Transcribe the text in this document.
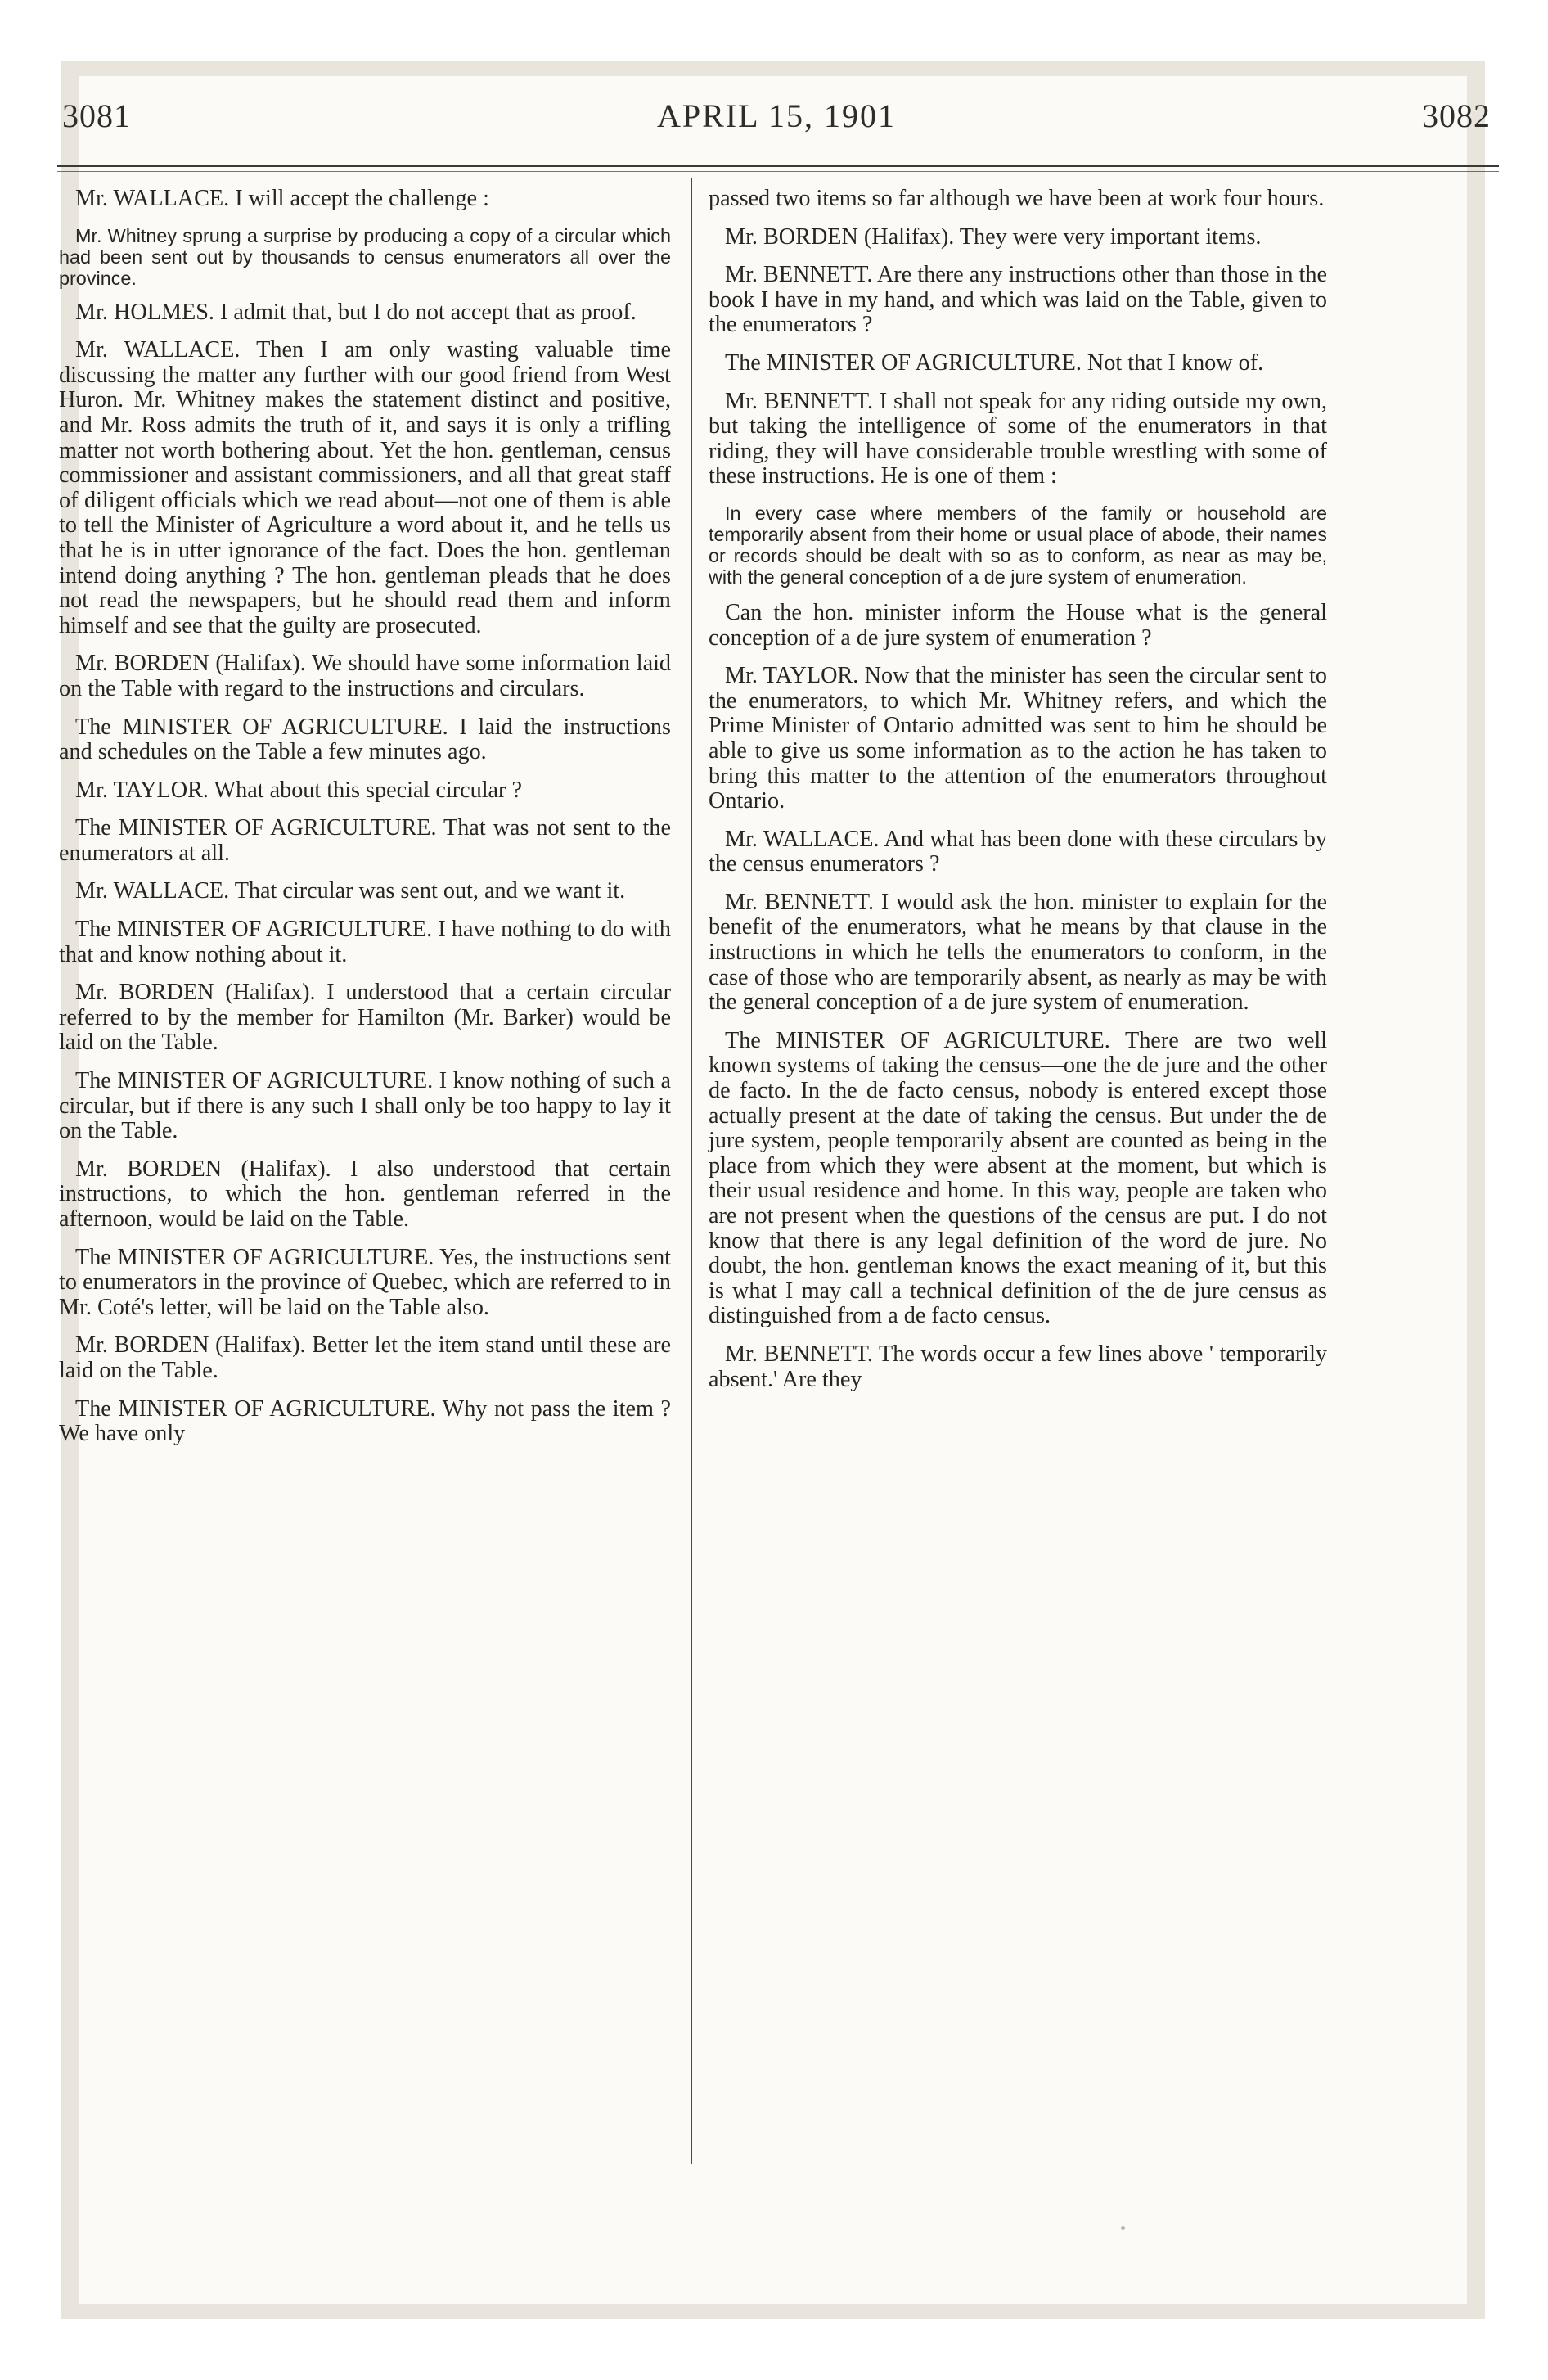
3081	APRIL 15, 1901	3082

Mr. WALLACE. I will accept the challenge :

Mr. Whitney sprung a surprise by producing a copy of a circular which had been sent out by thousands to census enumerators all over the province.

Mr. HOLMES. I admit that, but I do not accept that as proof.

Mr. WALLACE. Then I am only wasting valuable time discussing the matter any further with our good friend from West Huron. Mr. Whitney makes the statement distinct and positive, and Mr. Ross admits the truth of it, and says it is only a trifling matter not worth bothering about. Yet the hon. gentleman, census commissioner and assistant commissioners, and all that great staff of diligent officials which we read about—not one of them is able to tell the Minister of Agriculture a word about it, and he tells us that he is in utter ignorance of the fact. Does the hon. gentleman intend doing anything ? The hon. gentleman pleads that he does not read the newspapers, but he should read them and inform himself and see that the guilty are prosecuted.

Mr. BORDEN (Halifax). We should have some information laid on the Table with regard to the instructions and circulars.

The MINISTER OF AGRICULTURE. I laid the instructions and schedules on the Table a few minutes ago.

Mr. TAYLOR. What about this special circular ?

The MINISTER OF AGRICULTURE. That was not sent to the enumerators at all.

Mr. WALLACE. That circular was sent out, and we want it.

The MINISTER OF AGRICULTURE. I have nothing to do with that and know nothing about it.

Mr. BORDEN (Halifax). I understood that a certain circular referred to by the member for Hamilton (Mr. Barker) would be laid on the Table.

The MINISTER OF AGRICULTURE. I know nothing of such a circular, but if there is any such I shall only be too happy to lay it on the Table.

Mr. BORDEN (Halifax). I also understood that certain instructions, to which the hon. gentleman referred in the afternoon, would be laid on the Table.

The MINISTER OF AGRICULTURE. Yes, the instructions sent to enumerators in the province of Quebec, which are referred to in Mr. Coté's letter, will be laid on the Table also.

Mr. BORDEN (Halifax). Better let the item stand until these are laid on the Table.

The MINISTER OF AGRICULTURE. Why not pass the item ? We have only

passed two items so far although we have been at work four hours.

Mr. BORDEN (Halifax). They were very important items.

Mr. BENNETT. Are there any instructions other than those in the book I have in my hand, and which was laid on the Table, given to the enumerators ?

The MINISTER OF AGRICULTURE. Not that I know of.

Mr. BENNETT. I shall not speak for any riding outside my own, but taking the intelligence of some of the enumerators in that riding, they will have considerable trouble wrestling with some of these instructions. He is one of them :

In every case where members of the family or household are temporarily absent from their home or usual place of abode, their names or records should be dealt with so as to conform, as near as may be, with the general conception of a de jure system of enumeration.

Can the hon. minister inform the House what is the general conception of a de jure system of enumeration ?

Mr. TAYLOR. Now that the minister has seen the circular sent to the enumerators, to which Mr. Whitney refers, and which the Prime Minister of Ontario admitted was sent to him he should be able to give us some information as to the action he has taken to bring this matter to the attention of the enumerators throughout Ontario.

Mr. WALLACE. And what has been done with these circulars by the census enumerators ?

Mr. BENNETT. I would ask the hon. minister to explain for the benefit of the enumerators, what he means by that clause in the instructions in which he tells the enumerators to conform, in the case of those who are temporarily absent, as nearly as may be with the general conception of a de jure system of enumeration.

The MINISTER OF AGRICULTURE. There are two well known systems of taking the census—one the de jure and the other de facto. In the de facto census, nobody is entered except those actually present at the date of taking the census. But under the de jure system, people temporarily absent are counted as being in the place from which they were absent at the moment, but which is their usual residence and home. In this way, people are taken who are not present when the questions of the census are put. I do not know that there is any legal definition of the word de jure. No doubt, the hon. gentleman knows the exact meaning of it, but this is what I may call a technical definition of the de jure census as distinguished from a de facto census.

Mr. BENNETT. The words occur a few lines above ' temporarily absent.' Are they
